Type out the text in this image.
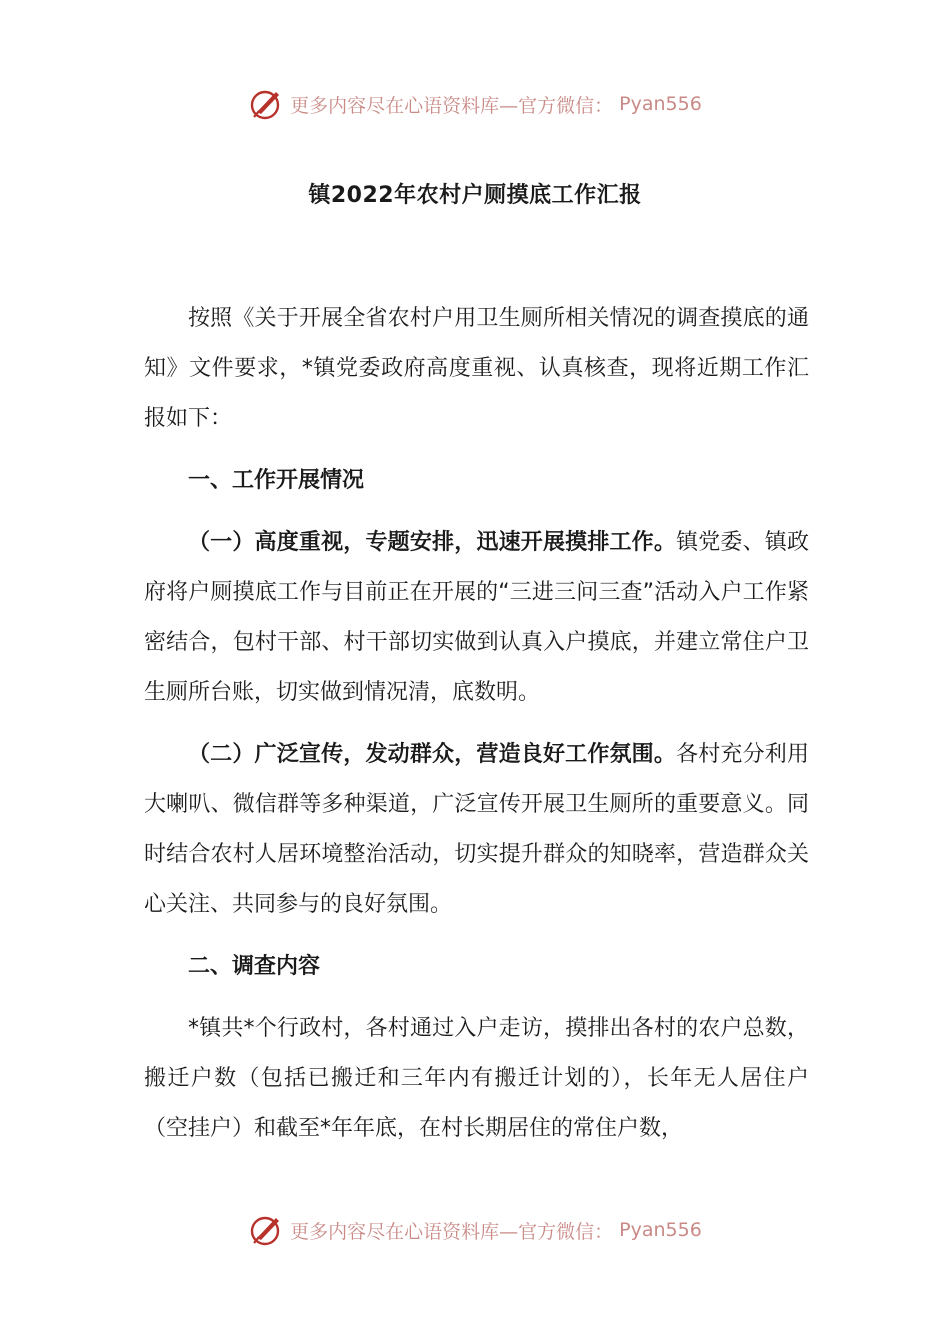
更多内容尽在心语资料库—官方微信： Pyan556
镇2022年农村户厕摸底工作汇报

按照《关于开展全省农村户用卫生厕所相关情况的调查摸底的通知》文件要求，*镇党委政府高度重视、认真核查，现将近期工作汇报如下：

一、工作开展情况

（一）高度重视，专题安排，迅速开展摸排工作。镇党委、镇政府将户厕摸底工作与目前正在开展的“三进三问三查”活动入户工作紧密结合，包村干部、村干部切实做到认真入户摸底，并建立常住户卫生厕所台账，切实做到情况清，底数明。

（二）广泛宣传，发动群众，营造良好工作氛围。各村充分利用大喇叭、微信群等多种渠道，广泛宣传开展卫生厕所的重要意义。同时结合农村人居环境整治活动，切实提升群众的知晓率，营造群众关心关注、共同参与的良好氛围。

二、调查内容

*镇共*个行政村，各村通过入户走访，摸排出各村的农户总数，搬迁户数（包括已搬迁和三年内有搬迁计划的），长年无人居住户（空挂户）和截至*年年底，在村长期居住的常住户数，

更多内容尽在心语资料库—官方微信： Pyan556
